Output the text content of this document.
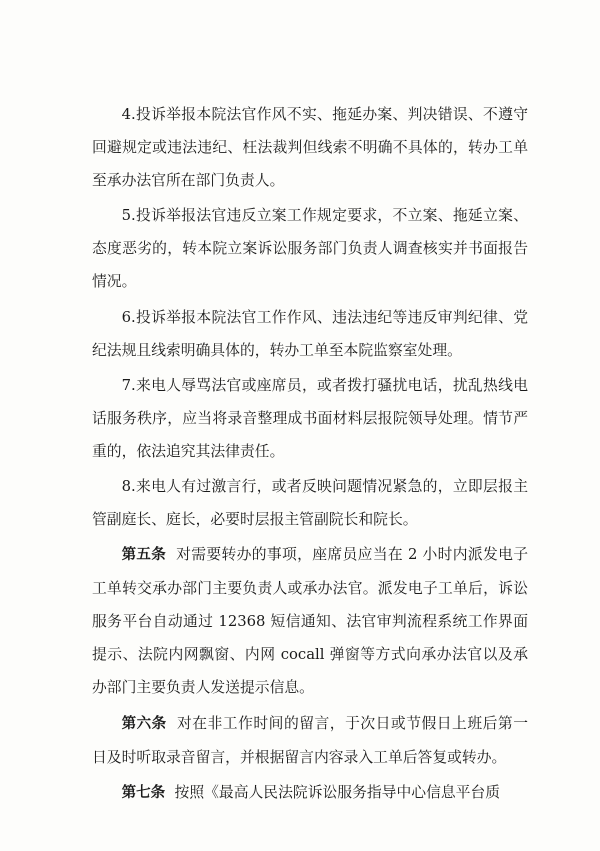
4.投诉举报本院法官作风不实、拖延办案、判决错误、不遵守回避规定或违法违纪、枉法裁判但线索不明确不具体的，转办工单至承办法官所在部门负责人。

5.投诉举报法官违反立案工作规定要求，不立案、拖延立案、态度恶劣的，转本院立案诉讼服务部门负责人调查核实并书面报告情况。

6.投诉举报本院法官工作作风、违法违纪等违反审判纪律、党纪法规且线索明确具体的，转办工单至本院监察室处理。

7.来电人辱骂法官或座席员，或者拨打骚扰电话，扰乱热线电话服务秩序，应当将录音整理成书面材料层报院领导处理。情节严重的，依法追究其法律责任。

8.来电人有过激言行，或者反映问题情况紧急的，立即层报主管副庭长、庭长，必要时层报主管副院长和院长。

第五条 对需要转办的事项，座席员应当在 2 小时内派发电子工单转交承办部门主要负责人或承办法官。派发电子工单后，诉讼服务平台自动通过 12368 短信通知、法官审判流程系统工作界面提示、法院内网飘窗、内网 cocall 弹窗等方式向承办法官以及承办部门主要负责人发送提示信息。

第六条 对在非工作时间的留言，于次日或节假日上班后第一日及时听取录音留言，并根据留言内容录入工单后答复或转办。

第七条 按照《最高人民法院诉讼服务指导中心信息平台质
